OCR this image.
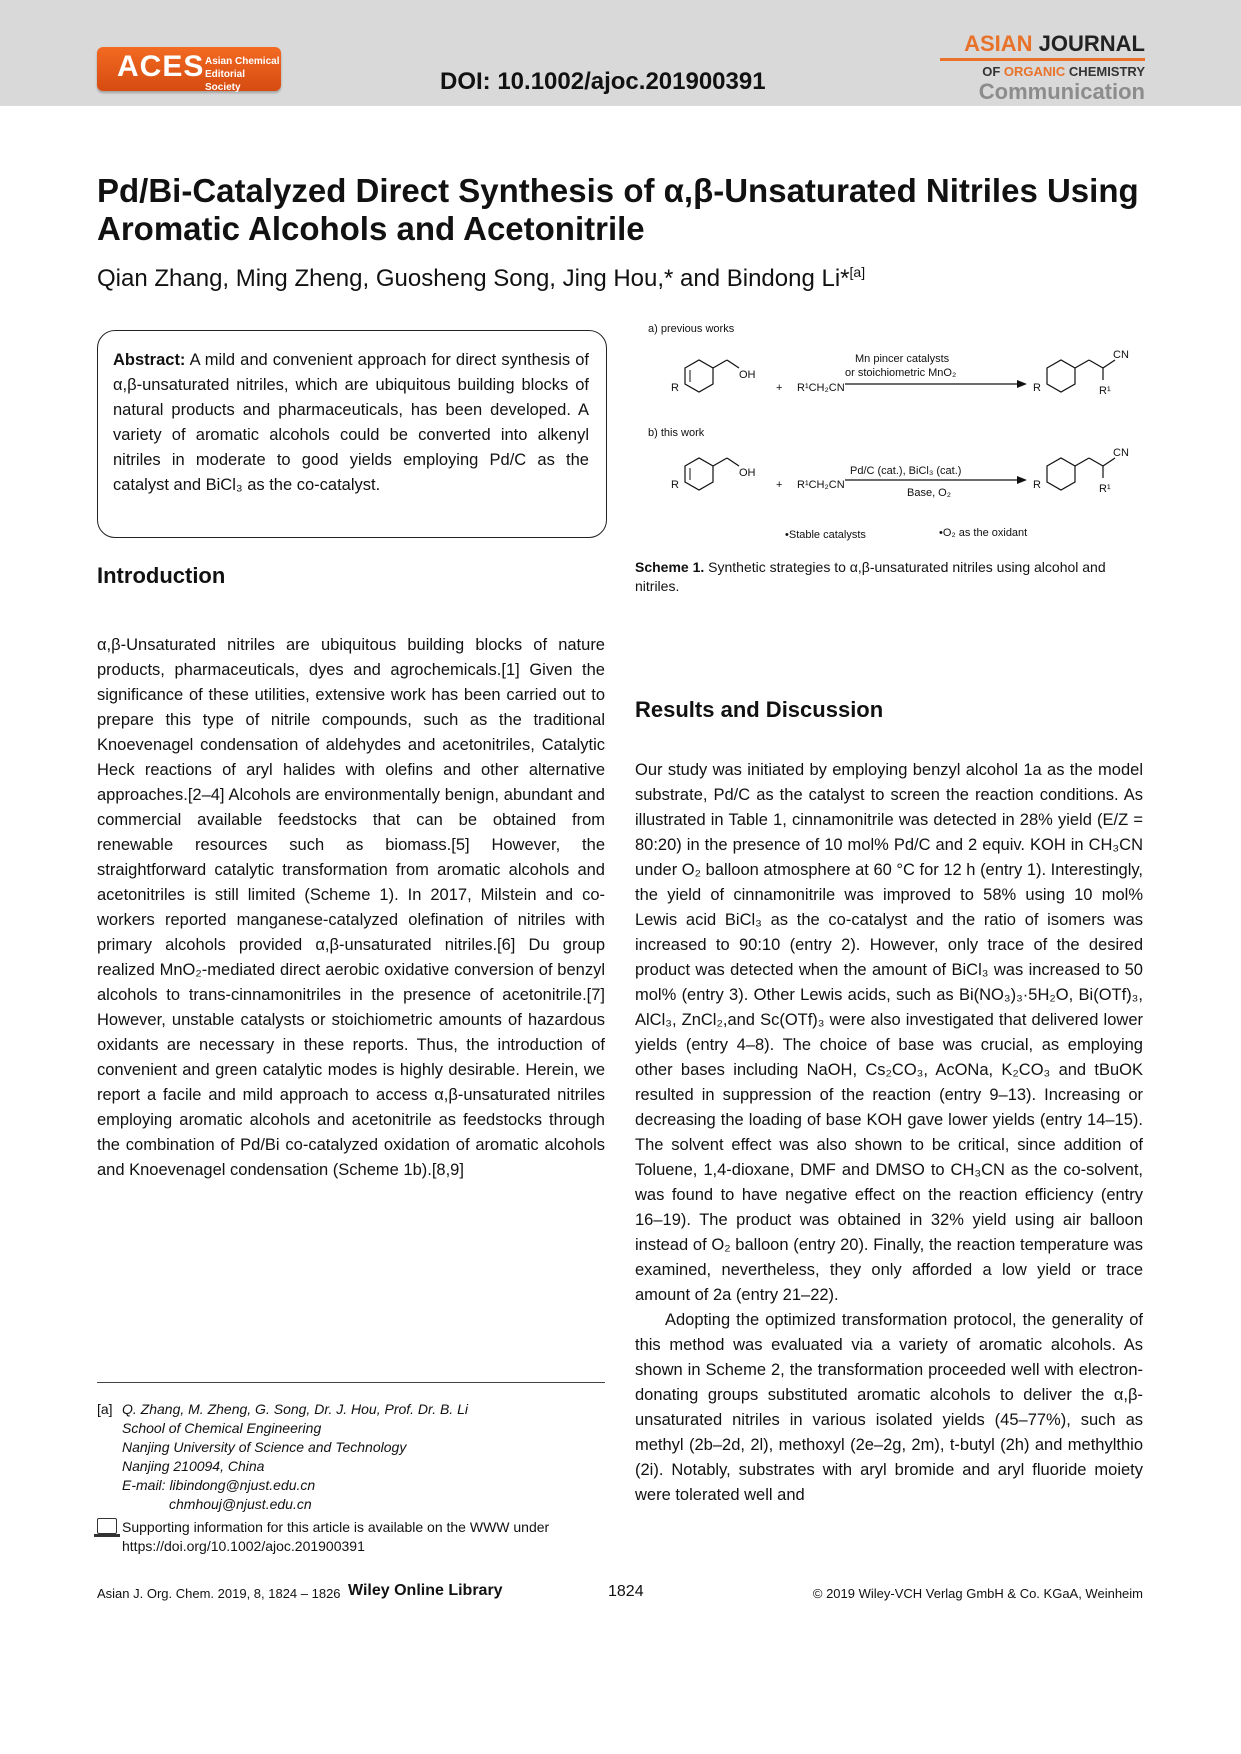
ACES Asian Chemical
Editorial Society	DOI: 10.1002/ajoc.201900391
ASIAN JOURNAL
OF ORGANIC CHEMISTRY
Communication
Pd/Bi-Catalyzed Direct Synthesis of α,β-Unsaturated Nitriles Using Aromatic Alcohols and Acetonitrile
Qian Zhang, Ming Zheng, Guosheng Song, Jing Hou,* and Bindong Li*[a]
Abstract: A mild and convenient approach for direct synthesis of α,β-unsaturated nitriles, which are ubiquitous building blocks of natural products and pharmaceuticals, has been developed. A variety of aromatic alcohols could be converted into alkenyl nitriles in moderate to good yields employing Pd/C as the catalyst and BiCl₃ as the co-catalyst.
Introduction

α,β-Unsaturated nitriles are ubiquitous building blocks of nature products, pharmaceuticals, dyes and agrochemicals.[1] Given the significance of these utilities, extensive work has been carried out to prepare this type of nitrile compounds, such as the traditional Knoevenagel condensation of aldehydes and acetonitriles, Catalytic Heck reactions of aryl halides with olefins and other alternative approaches.[2–4] Alcohols are environmentally benign, abundant and commercial available feedstocks that can be obtained from renewable resources such as biomass.[5] However, the straightforward catalytic transformation from aromatic alcohols and acetonitriles is still limited (Scheme 1). In 2017, Milstein and co-workers reported manganese-catalyzed olefination of nitriles with primary alcohols provided α,β-unsaturated nitriles.[6] Du group realized MnO₂-mediated direct aerobic oxidative conversion of benzyl alcohols to trans-cinnamonitriles in the presence of acetonitrile.[7] However, unstable catalysts or stoichiometric amounts of hazardous oxidants are necessary in these reports. Thus, the introduction of convenient and green catalytic modes is highly desirable. Herein, we report a facile and mild approach to access α,β-unsaturated nitriles employing aromatic alcohols and acetonitrile as feedstocks through the combination of Pd/Bi co-catalyzed oxidation of aromatic alcohols and Knoevenagel condensation (Scheme 1b).[8,9]

a) previous works
OH
R	+ R¹CH₂CN
Mn pincer catalysts
or stoichiometric MnO₂
CN
R¹
R
b) this work
OH
R	+ R¹CH₂CN
Pd/C (cat.), BiCl₃ (cat.)
Base, O₂
CN
R¹
R
•Stable catalysts	•O₂ as the oxidant
Scheme 1. Synthetic strategies to α,β-unsaturated nitriles using alcohol and nitriles.
Results and Discussion

Our study was initiated by employing benzyl alcohol 1a as the model substrate, Pd/C as the catalyst to screen the reaction conditions. As illustrated in Table 1, cinnamonitrile was detected in 28% yield (E/Z = 80:20) in the presence of 10 mol% Pd/C and 2 equiv. KOH in CH₃CN under O₂ balloon atmosphere at 60 °C for 12 h (entry 1). Interestingly, the yield of cinnamonitrile was improved to 58% using 10 mol% Lewis acid BiCl₃ as the co-catalyst and the ratio of isomers was increased to 90:10 (entry 2). However, only trace of the desired product was detected when the amount of BiCl₃ was increased to 50 mol% (entry 3). Other Lewis acids, such as Bi(NO₃)₃·5H₂O, Bi(OTf)₃, AlCl₃, ZnCl₂,and Sc(OTf)₃ were also investigated that delivered lower yields (entry 4–8). The choice of base was crucial, as employing other bases including NaOH, Cs₂CO₃, AcONa, K₂CO₃ and tBuOK resulted in suppression of the reaction (entry 9–13). Increasing or decreasing the loading of base KOH gave lower yields (entry 14–15). The solvent effect was also shown to be critical, since addition of Toluene, 1,4-dioxane, DMF and DMSO to CH₃CN as the co-solvent, was found to have negative effect on the reaction efficiency (entry 16–19). The product was obtained in 32% yield using air balloon instead of O₂ balloon (entry 20). Finally, the reaction temperature was examined, nevertheless, they only afforded a low yield or trace amount of 2a (entry 21–22).

Adopting the optimized transformation protocol, the generality of this method was evaluated via a variety of aromatic alcohols. As shown in Scheme 2, the transformation proceeded well with electron-donating groups substituted aromatic alcohols to deliver the α,β-unsaturated nitriles in various isolated yields (45–77%), such as methyl (2b–2d, 2l), methoxyl (2e–2g, 2m), t-butyl (2h) and methylthio (2i). Notably, substrates with aryl bromide and aryl fluoride moiety were tolerated well and

[a] Q. Zhang, M. Zheng, G. Song, Dr. J. Hou, Prof. Dr. B. Li
School of Chemical Engineering
Nanjing University of Science and Technology
Nanjing 210094, China
E-mail: libindong@njust.edu.cn
chmhouj@njust.edu.cn
Supporting information for this article is available on the WWW under https://doi.org/10.1002/ajoc.201900391
Asian J. Org. Chem. 2019, 8, 1824 – 1826 Wiley Online Library	1824	© 2019 Wiley-VCH Verlag GmbH & Co. KGaA, Weinheim
